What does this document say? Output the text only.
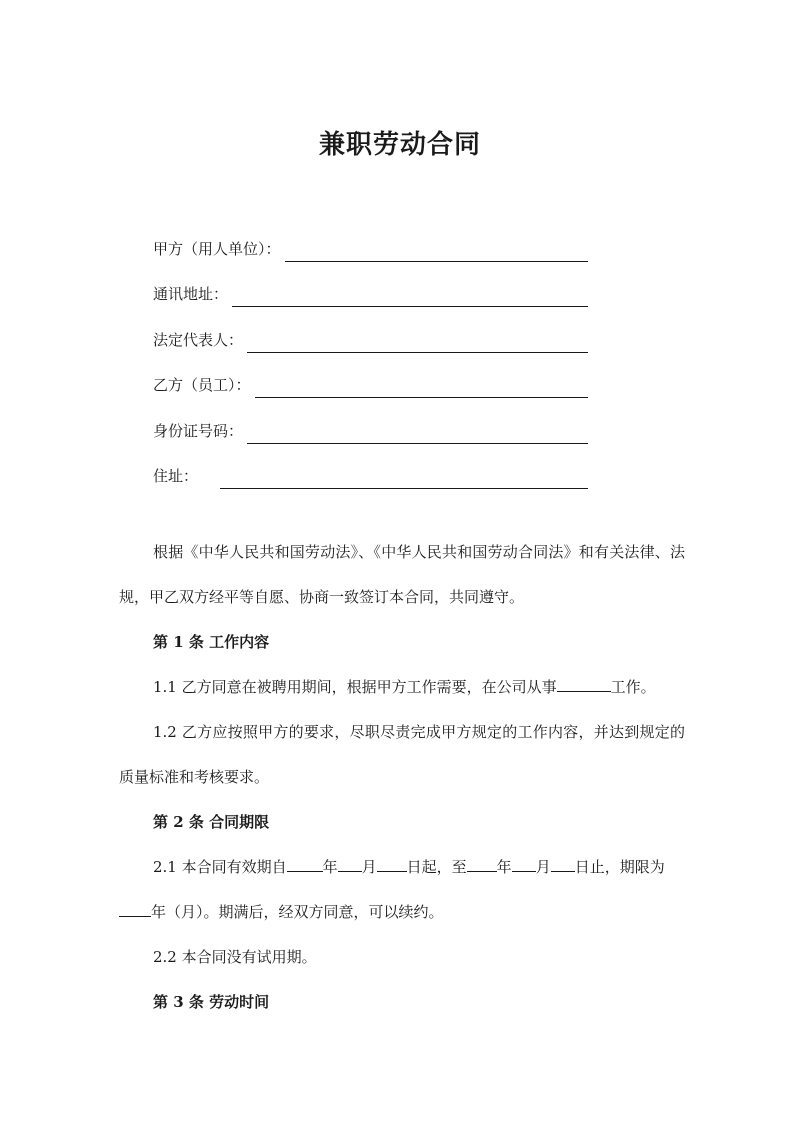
兼职劳动合同
甲方（用人单位）：
通讯地址：
法定代表人：
乙方（员工）：
身份证号码：
住址：

根据《中华人民共和国劳动法》、《中华人民共和国劳动合同法》和有关法律、法规，甲乙双方经平等自愿、协商一致签订本合同，共同遵守。

第 1 条 工作内容

1.1 乙方同意在被聘用期间，根据甲方工作需要，在公司从事	工作。

1.2 乙方应按照甲方的要求，尽职尽责完成甲方规定的工作内容，并达到规定的质量标准和考核要求。

第 2 条 合同期限

2.1 本合同有效期自 年 月 日起，至 年 月 日止，期限为年（月）。期满后，经双方同意，可以续约。

2.2 本合同没有试用期。

第 3 条 劳动时间
